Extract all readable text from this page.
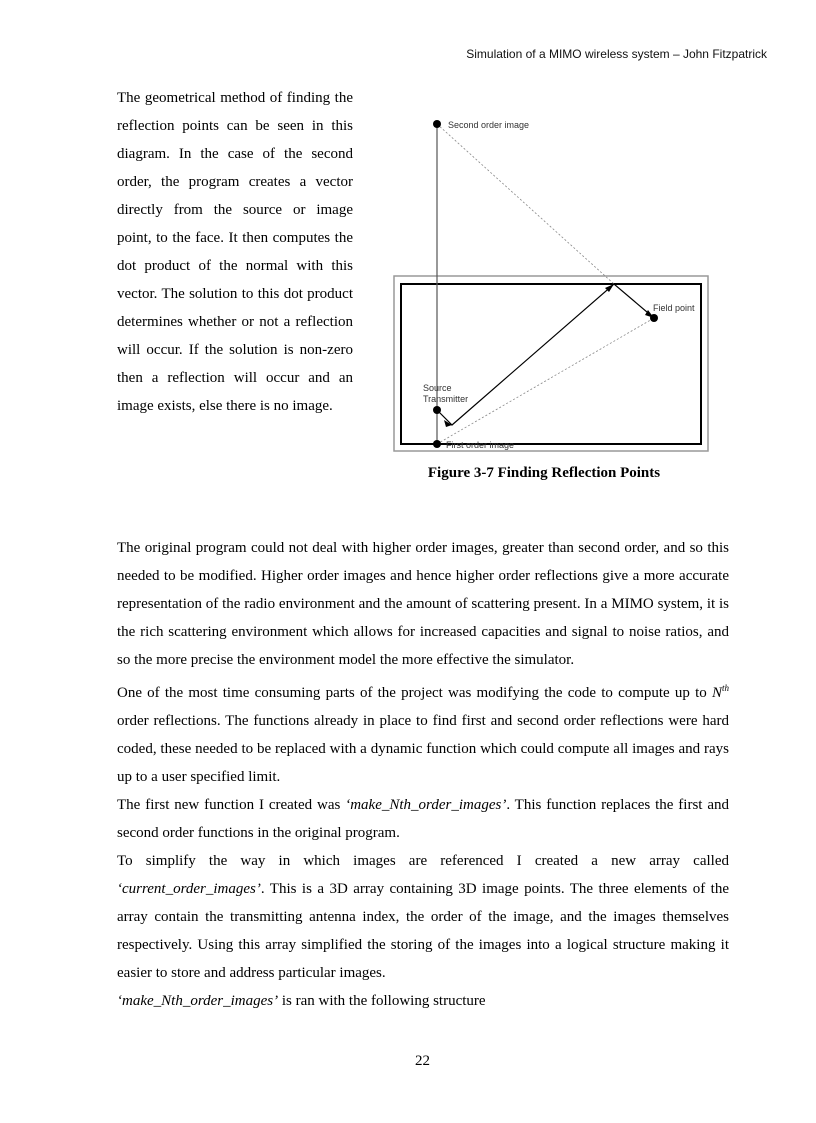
Simulation of a MIMO wireless system – John Fitzpatrick

The geometrical method of finding the reflection points can be seen in this diagram. In the case of the second order, the program creates a vector directly from the source or image point, to the face. It then computes the dot product of the normal with this vector. The solution to this dot product determines whether or not a reflection will occur. If the solution is non-zero then a reflection will occur and an image exists, else there is no image.

Second order image
Field point
Source
Transmitter
First order image
Figure 3-7 Finding Reflection Points

The original program could not deal with higher order images, greater than second order, and so this needed to be modified. Higher order images and hence higher order reflections give a more accurate representation of the radio environment and the amount of scattering present. In a MIMO system, it is the rich scattering environment which allows for increased capacities and signal to noise ratios, and so the more precise the environment model the more effective the simulator.

One of the most time consuming parts of the project was modifying the code to compute up to $N^{th}$ order reflections. The functions already in place to find first and second order reflections were hard coded, these needed to be replaced with a dynamic function which could compute all images and rays up to a user specified limit.

The first new function I created was ‘make_Nth_order_images’. This function replaces the first and second order functions in the original program.

To simplify the way in which images are referenced I created a new array called ‘current_order_images’. This is a 3D array containing 3D image points. The three elements of the array contain the transmitting antenna index, the order of the image, and the images themselves respectively. Using this array simplified the storing of the images into a logical structure making it easier to store and address particular images.

‘make_Nth_order_images’ is ran with the following structure

22
